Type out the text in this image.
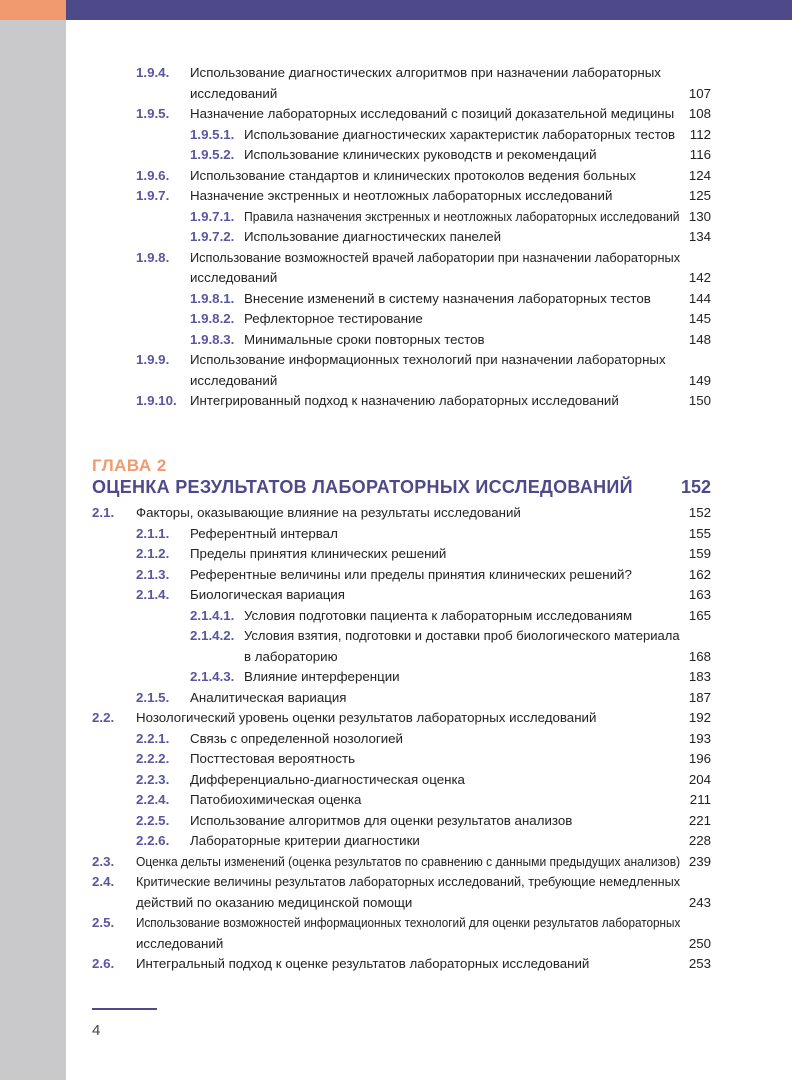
1.9.4. Использование диагностических алгоритмов при назначении лабораторных
исследований	107
1.9.5. Назначение лабораторных исследований с позиций доказательной медицины 108
1.9.5.1. Использование диагностических характеристик лабораторных тестов 112
1.9.5.2. Использование клинических руководств и рекомендаций	116
1.9.6. Использование стандартов и клинических протоколов ведения больных	124
1.9.7. Назначение экстренных и неотложных лабораторных исследований	125
1.9.7.1. Правила назначения экстренных и неотложных лабораторных исследований 130
1.9.7.2. Использование диагностических панелей	134
1.9.8. Использование возможностей врачей лаборатории при назначении лабораторных
исследований	142
1.9.8.1. Внесение изменений в систему назначения лабораторных тестов	144
1.9.8.2. Рефлекторное тестирование	145
1.9.8.3. Минимальные сроки повторных тестов	148
1.9.9. Использование информационных технологий при назначении лабораторных
исследований	149
1.9.10. Интегрированный подход к назначению лабораторных исследований	150
ГЛАВА 2
ОЦЕНКА РЕЗУЛЬТАТОВ ЛАБОРАТОРНЫХ ИССЛЕДОВАНИЙ	152
2.1. Факторы, оказывающие влияние на результаты исследований	152
2.1.1. Референтный интервал	155
2.1.2. Пределы принятия клинических решений	159
2.1.3. Референтные величины или пределы принятия клинических решений?	162
2.1.4. Биологическая вариация	163
2.1.4.1. Условия подготовки пациента к лабораторным исследованиям	165
2.1.4.2. Условия взятия, подготовки и доставки проб биологического материала
в лабораторию	168
2.1.4.3. Влияние интерференции	183
2.1.5. Аналитическая вариация	187
2.2. Нозологический уровень оценки результатов лабораторных исследований	192
2.2.1. Связь с определенной нозологией	193
2.2.2. Посттестовая вероятность	196
2.2.3. Дифференциально-диагностическая оценка	204
2.2.4. Патобиохимическая оценка	211
2.2.5. Использование алгоритмов для оценки результатов анализов	221
2.2.6. Лабораторные критерии диагностики	228
2.3. Оценка дельты изменений (оценка результатов по сравнению с данными предыдущих анализов) 239
2.4. Критические величины результатов лабораторных исследований, требующие немедленных
действий по оказанию медицинской помощи	243
2.5. Использование возможностей информационных технологий для оценки результатов лабораторных
исследований	250
2.6. Интегральный подход к оценке результатов лабораторных исследований	253
4
